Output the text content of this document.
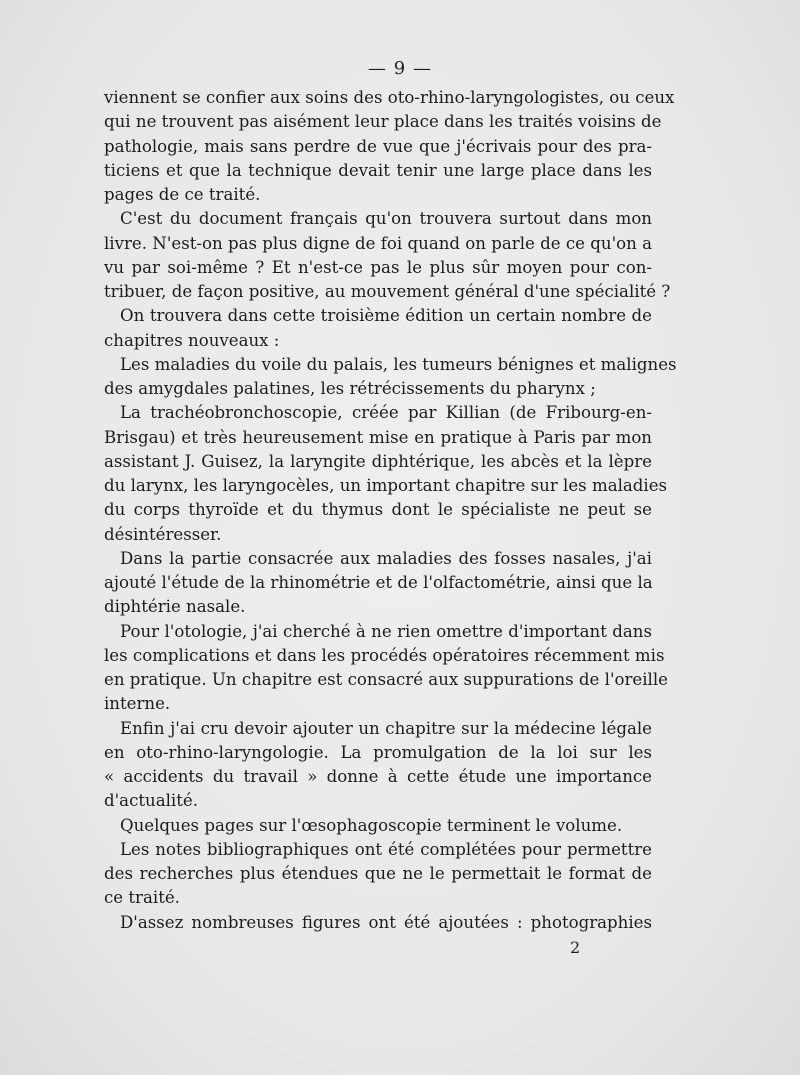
— 9 —
viennent se confier aux soins des oto-rhino-laryngologistes, ou ceux
qui ne trouvent pas aisément leur place dans les traités voisins de
pathologie, mais sans perdre de vue que j'écrivais pour des pra-
ticiens et que la technique devait tenir une large place dans les
pages de ce traité.
C'est du document français qu'on trouvera surtout dans mon
livre. N'est-on pas plus digne de foi quand on parle de ce qu'on a
vu par soi-même ? Et n'est-ce pas le plus sûr moyen pour con-
tribuer, de façon positive, au mouvement général d'une spécialité ?
On trouvera dans cette troisième édition un certain nombre de
chapitres nouveaux :
Les maladies du voile du palais, les tumeurs bénignes et malignes
des amygdales palatines, les rétrécissements du pharynx ;
La trachéobronchoscopie, créée par Killian (de Fribourg-en-
Brisgau) et très heureusement mise en pratique à Paris par mon
assistant J. Guisez, la laryngite diphtérique, les abcès et la lèpre
du larynx, les laryngocèles, un important chapitre sur les maladies
du corps thyroïde et du thymus dont le spécialiste ne peut se
désintéresser.
Dans la partie consacrée aux maladies des fosses nasales, j'ai
ajouté l'étude de la rhinométrie et de l'olfactométrie, ainsi que la
diphtérie nasale.
Pour l'otologie, j'ai cherché à ne rien omettre d'important dans
les complications et dans les procédés opératoires récemment mis
en pratique. Un chapitre est consacré aux suppurations de l'oreille
interne.
Enfin j'ai cru devoir ajouter un chapitre sur la médecine légale
en oto-rhino-laryngologie. La promulgation de la loi sur les
« accidents du travail » donne à cette étude une importance
d'actualité.
Quelques pages sur l'œsophagoscopie terminent le volume.
Les notes bibliographiques ont été complétées pour permettre
des recherches plus étendues que ne le permettait le format de
ce traité.
D'assez nombreuses figures ont été ajoutées : photographies
2
